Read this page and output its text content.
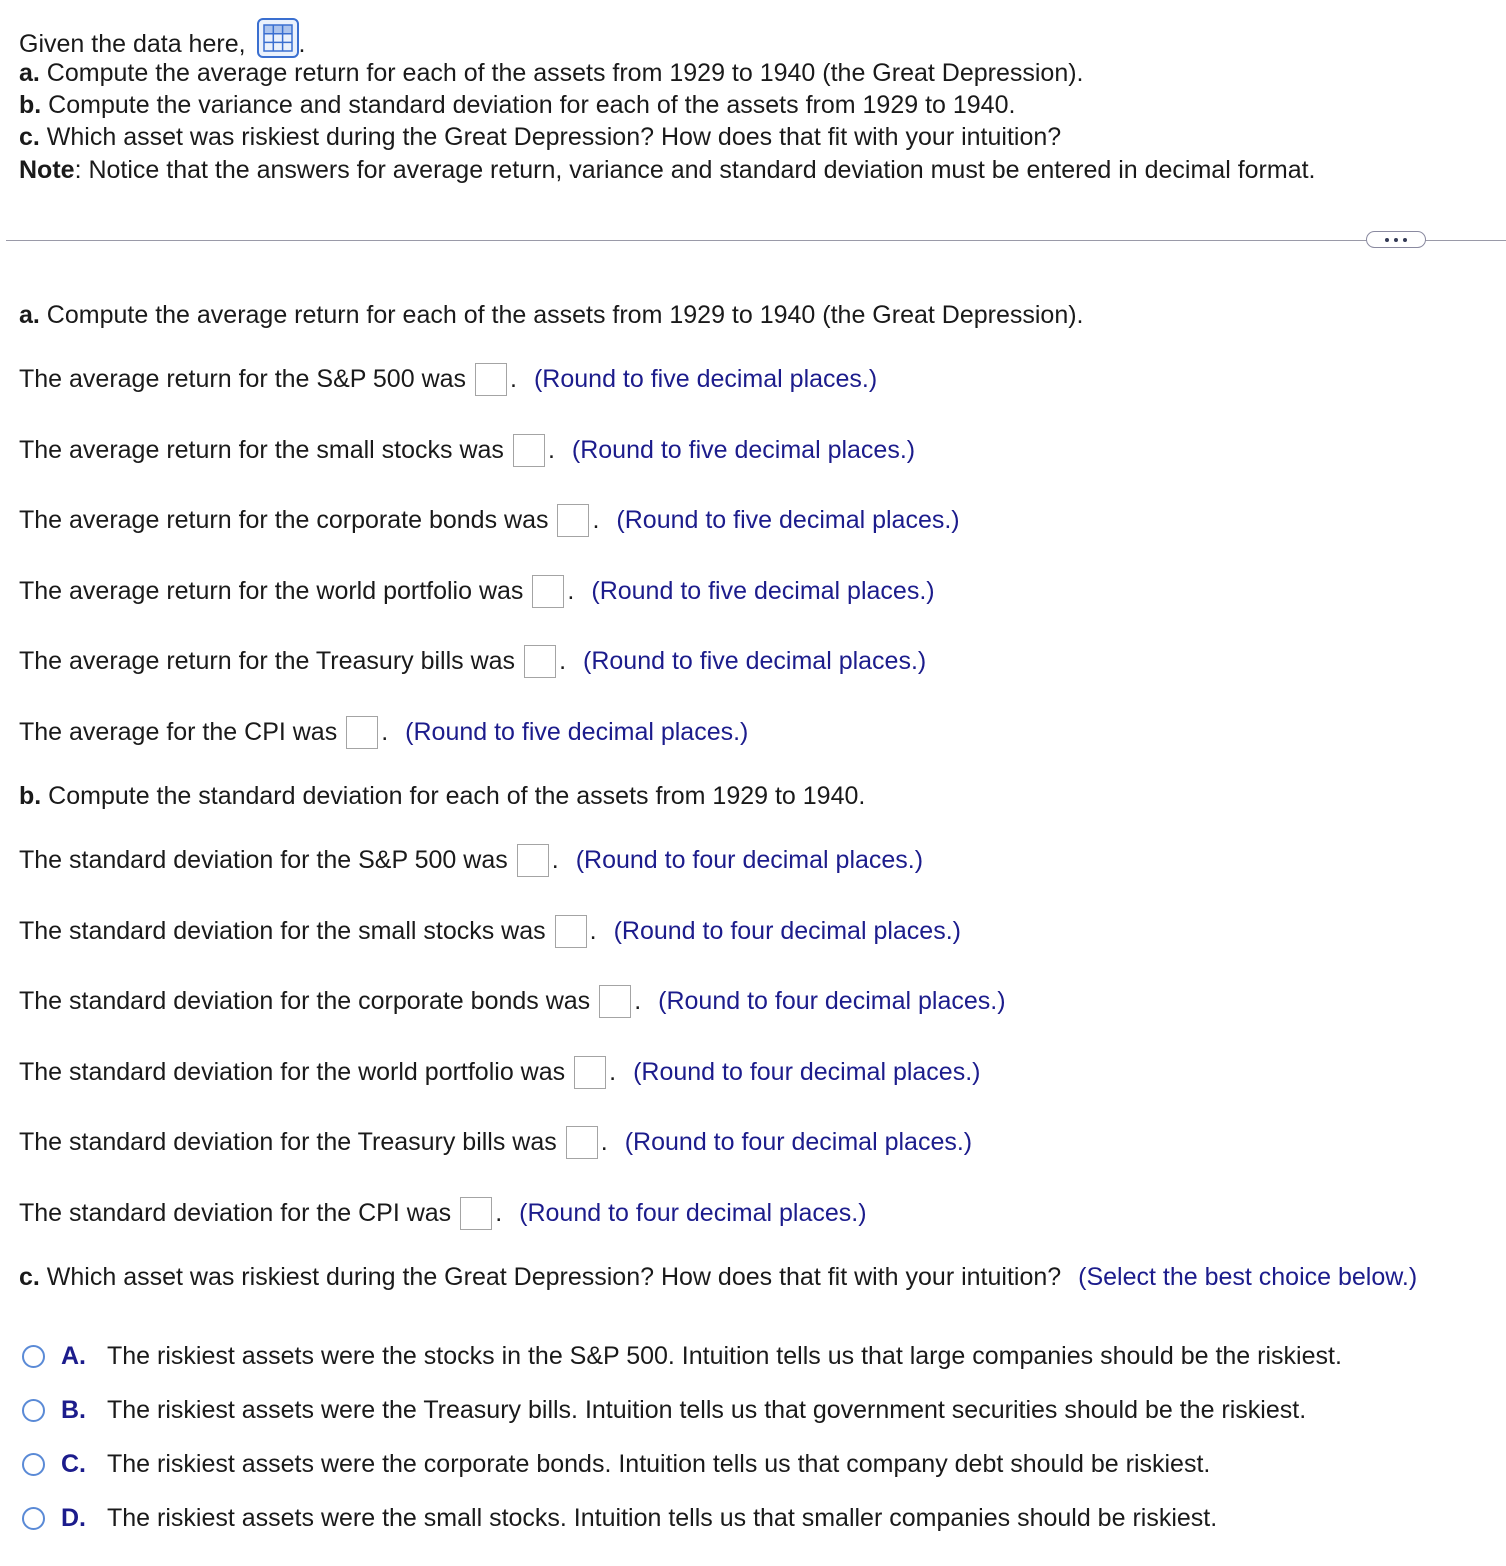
Given the data here, .
a. Compute the average return for each of the assets from 1929 to 1940 (the Great Depression).
b. Compute the variance and standard deviation for each of the assets from 1929 to 1940.
c. Which asset was riskiest during the Great Depression? How does that fit with your intuition?
Note: Notice that the answers for average return, variance and standard deviation must be entered in decimal format.
a. Compute the average return for each of the assets from 1929 to 1940 (the Great Depression).
The average return for the S&P 500 was . (Round to five decimal places.)
The average return for the small stocks was . (Round to five decimal places.)
The average return for the corporate bonds was . (Round to five decimal places.)
The average return for the world portfolio was . (Round to five decimal places.)
The average return for the Treasury bills was . (Round to five decimal places.)
The average for the CPI was . (Round to five decimal places.)
b. Compute the standard deviation for each of the assets from 1929 to 1940.
The standard deviation for the S&P 500 was . (Round to four decimal places.)
The standard deviation for the small stocks was . (Round to four decimal places.)
The standard deviation for the corporate bonds was . (Round to four decimal places.)
The standard deviation for the world portfolio was . (Round to four decimal places.)
The standard deviation for the Treasury bills was . (Round to four decimal places.)
The standard deviation for the CPI was . (Round to four decimal places.)
c. Which asset was riskiest during the Great Depression? How does that fit with your intuition? (Select the best choice below.)
A. The riskiest assets were the stocks in the S&P 500. Intuition tells us that large companies should be the riskiest.
B. The riskiest assets were the Treasury bills. Intuition tells us that government securities should be the riskiest.
C. The riskiest assets were the corporate bonds. Intuition tells us that company debt should be riskiest.
D. The riskiest assets were the small stocks. Intuition tells us that smaller companies should be riskiest.
